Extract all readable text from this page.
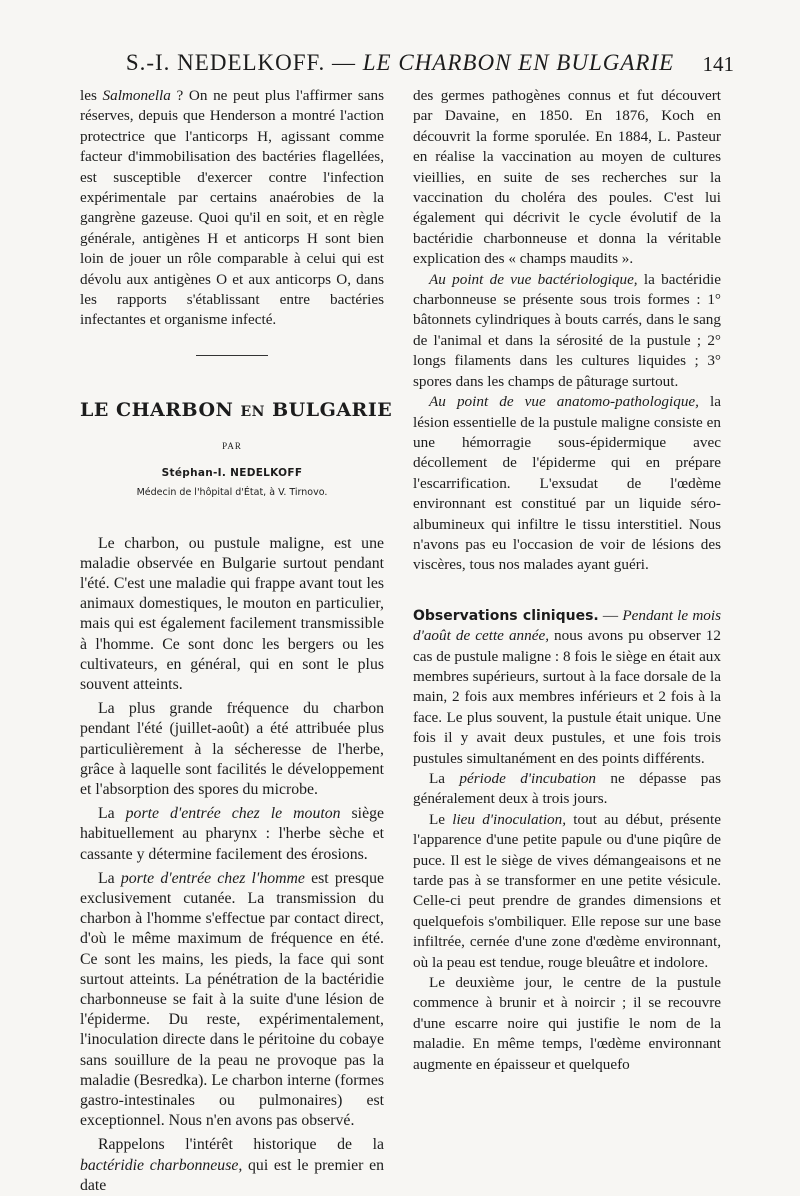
S.-I. NEDELKOFF. — LE CHARBON EN BULGARIE	141

les Salmonella ? On ne peut plus l'affirmer sans réserves, depuis que Henderson a montré l'action protectrice que l'anticorps H, agissant comme facteur d'immobilisation des bactéries flagellées, est susceptible d'exercer contre l'infection expérimentale par certains anaérobies de la gangrène gazeuse. Quoi qu'il en soit, et en règle générale, antigènes H et anticorps H sont bien loin de jouer un rôle comparable à celui qui est dévolu aux antigènes O et aux anticorps O, dans les rapports s'établissant entre bactéries infectantes et organisme infecté.

LE CHARBON EN BULGARIE
PAR
Stéphan-I. NEDELKOFF
Médecin de l'hôpital d'État, à V. Tirnovo.

Le charbon, ou pustule maligne, est une maladie observée en Bulgarie surtout pendant l'été. C'est une maladie qui frappe avant tout les animaux domestiques, le mouton en particulier, mais qui est également facilement transmissible à l'homme. Ce sont donc les bergers ou les cultivateurs, en général, qui en sont le plus souvent atteints.

La plus grande fréquence du charbon pendant l'été (juillet-août) a été attribuée plus particulièrement à la sécheresse de l'herbe, grâce à laquelle sont facilités le développement et l'absorption des spores du microbe.

La porte d'entrée chez le mouton siège habituellement au pharynx : l'herbe sèche et cassante y détermine facilement des érosions.

La porte d'entrée chez l'homme est presque exclusivement cutanée. La transmission du charbon à l'homme s'effectue par contact direct, d'où le même maximum de fréquence en été. Ce sont les mains, les pieds, la face qui sont surtout atteints. La pénétration de la bactéridie charbonneuse se fait à la suite d'une lésion de l'épiderme. Du reste, expérimentalement, l'inoculation directe dans le péritoine du cobaye sans souillure de la peau ne provoque pas la maladie (Besredka). Le charbon interne (formes gastro-intestinales ou pulmonaires) est exceptionnel. Nous n'en avons pas observé.

Rappelons l'intérêt historique de la bactéridie charbonneuse, qui est le premier en date

des germes pathogènes connus et fut découvert par Davaine, en 1850. En 1876, Koch en découvrit la forme sporulée. En 1884, L. Pasteur en réalise la vaccination au moyen de cultures vieillies, en suite de ses recherches sur la vaccination du choléra des poules. C'est lui également qui décrivit le cycle évolutif de la bactéridie charbonneuse et donna la véritable explication des « champs maudits ».

Au point de vue bactériologique, la bactéridie charbonneuse se présente sous trois formes : 1° bâtonnets cylindriques à bouts carrés, dans le sang de l'animal et dans la sérosité de la pustule ; 2° longs filaments dans les cultures liquides ; 3° spores dans les champs de pâturage surtout.

Au point de vue anatomo-pathologique, la lésion essentielle de la pustule maligne consiste en une hémorragie sous-épidermique avec décollement de l'épiderme qui en prépare l'escarrification. L'exsudat de l'œdème environnant est constitué par un liquide séro-albumineux qui infiltre le tissu interstitiel. Nous n'avons pas eu l'occasion de voir de lésions des viscères, tous nos malades ayant guéri.

Observations cliniques. — Pendant le mois d'août de cette année, nous avons pu observer 12 cas de pustule maligne : 8 fois le siège en était aux membres supérieurs, surtout à la face dorsale de la main, 2 fois aux membres inférieurs et 2 fois à la face. Le plus souvent, la pustule était unique. Une fois il y avait deux pustules, et une fois trois pustules simultanément en des points différents.

La période d'incubation ne dépasse pas généralement deux à trois jours.

Le lieu d'inoculation, tout au début, présente l'apparence d'une petite papule ou d'une piqûre de puce. Il est le siège de vives démangeaisons et ne tarde pas à se transformer en une petite vésicule. Celle-ci peut prendre de grandes dimensions et quelquefois s'ombiliquer. Elle repose sur une base infiltrée, cernée d'une zone d'œdème environnant, où la peau est tendue, rouge bleuâtre et indolore.

Le deuxième jour, le centre de la pustule commence à brunir et à noircir ; il se recouvre d'une escarre noire qui justifie le nom de la maladie. En même temps, l'œdème environnant augmente en épaisseur et quelquefo
